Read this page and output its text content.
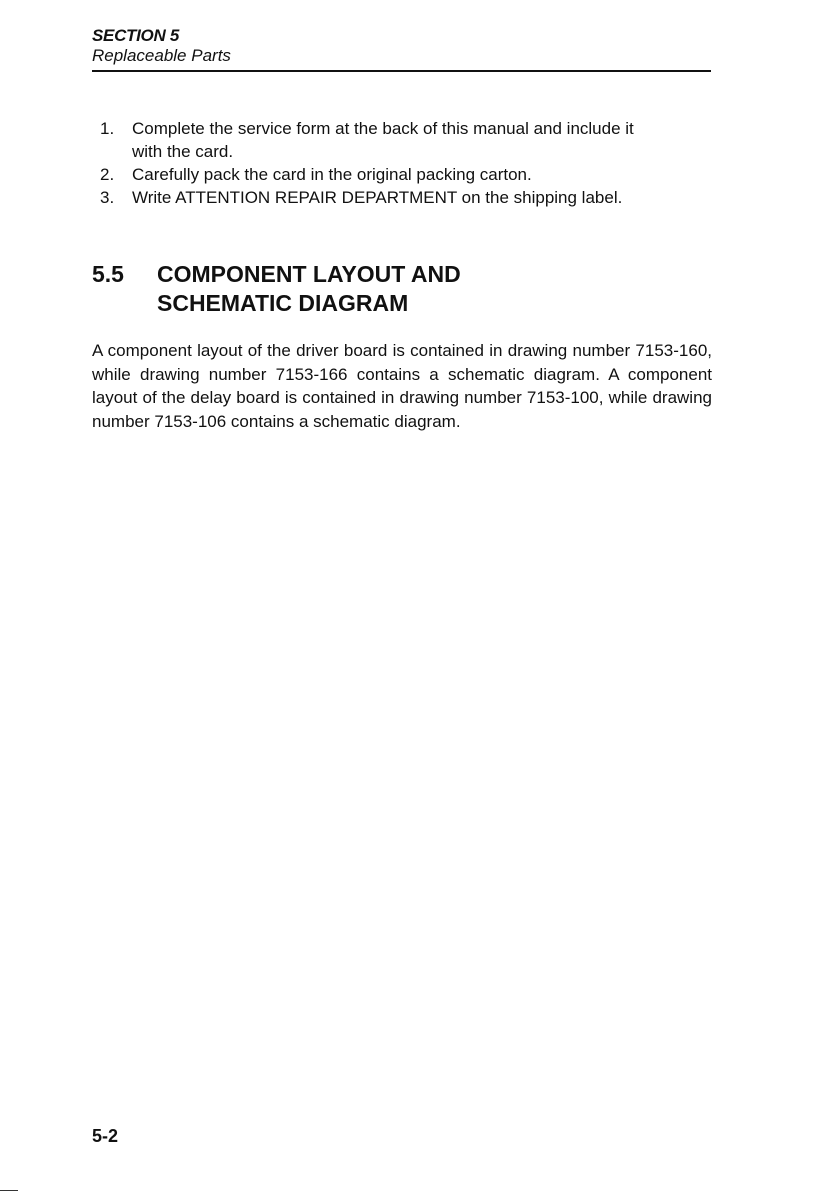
SECTION 5
Replaceable Parts
1. Complete the service form at the back of this manual and include it
with the card.
2. Carefully pack the card in the original packing carton.
3. Write ATTENTION REPAIR DEPARTMENT on the shipping label.
5.5 COMPONENT LAYOUT AND
SCHEMATIC DIAGRAM

A component layout of the driver board is contained in drawing number 7153-160, while drawing number 7153-166 contains a schematic diagram. A component layout of the delay board is contained in drawing number 7153-100, while drawing number 7153-106 contains a schematic diagram.

5-2
